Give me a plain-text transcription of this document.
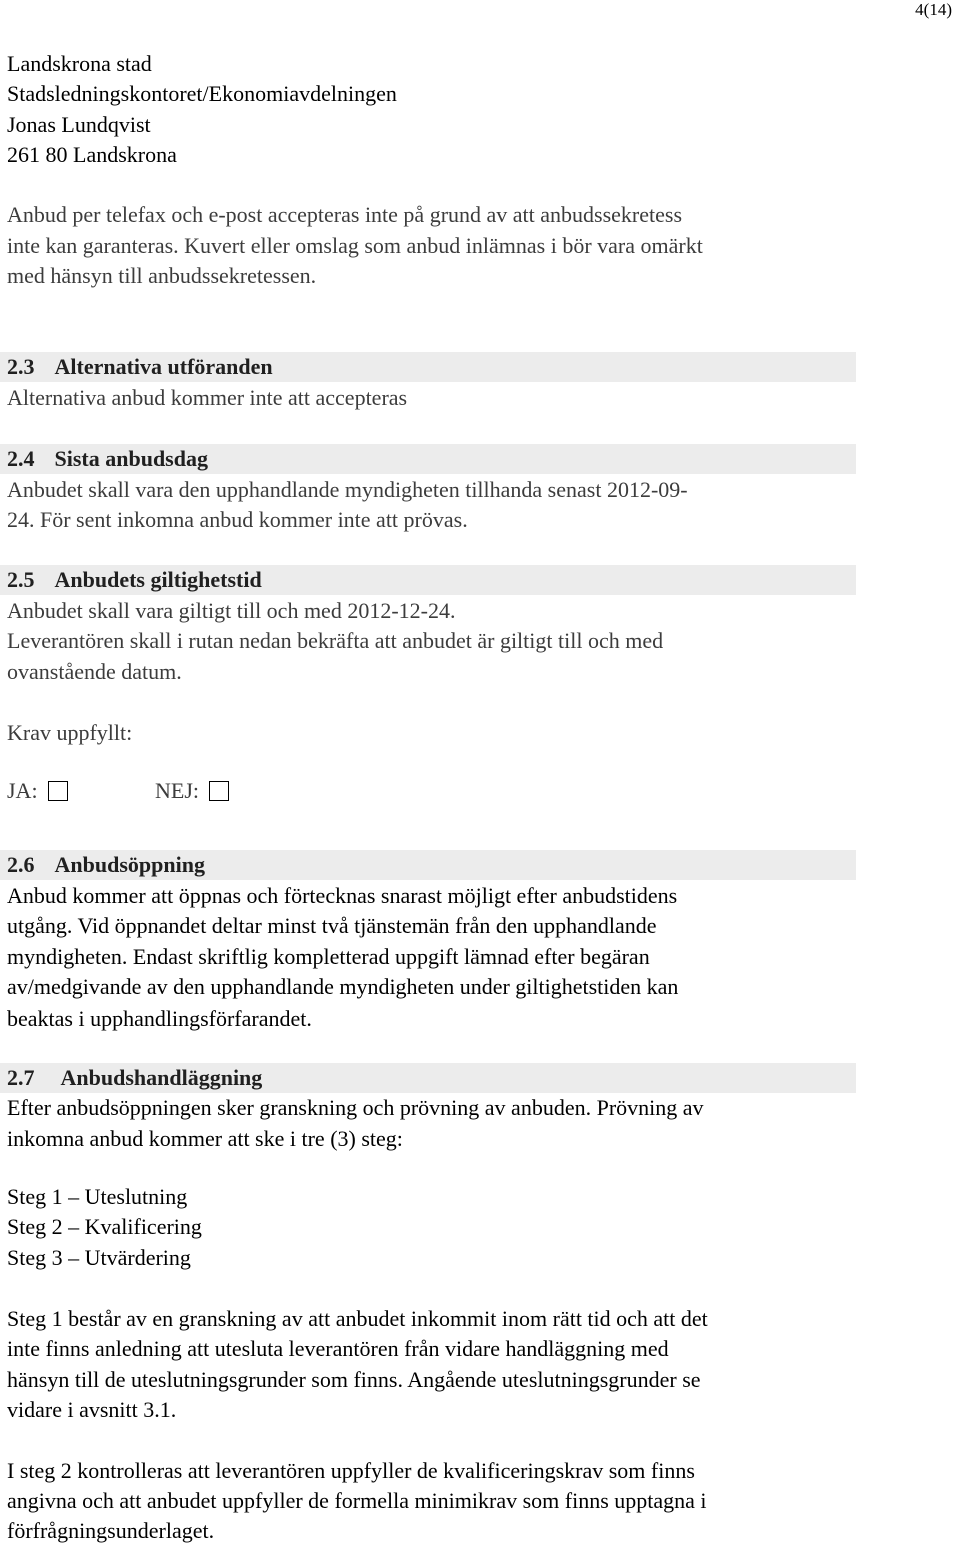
4(14)
Landskrona stad
Stadsledningskontoret/Ekonomiavdelningen
Jonas Lundqvist
261 80 Landskrona
Anbud per telefax och e-post accepteras inte på grund av att anbudssekretess
inte kan garanteras. Kuvert eller omslag som anbud inlämnas i bör vara omärkt
med hänsyn till anbudssekretessen.
2.3 Alternativa utföranden
Alternativa anbud kommer inte att accepteras
2.4 Sista anbudsdag
Anbudet skall vara den upphandlande myndigheten tillhanda senast 2012-09-
24. För sent inkomna anbud kommer inte att prövas.
2.5 Anbudets giltighetstid
Anbudet skall vara giltigt till och med 2012-12-24.
Leverantören skall i rutan nedan bekräfta att anbudet är giltigt till och med
ovanstående datum.
Krav uppfyllt:
JA:	NEJ:
2.6 Anbudsöppning
Anbud kommer att öppnas och förtecknas snarast möjligt efter anbudstidens
utgång. Vid öppnandet deltar minst två tjänstemän från den upphandlande
myndigheten. Endast skriftlig kompletterad uppgift lämnad efter begäran
av/medgivande av den upphandlande myndigheten under giltighetstiden kan
beaktas i upphandlingsförfarandet.
2.7 Anbudshandläggning
Efter anbudsöppningen sker granskning och prövning av anbuden. Prövning av
inkomna anbud kommer att ske i tre (3) steg:
Steg 1 – Uteslutning
Steg 2 – Kvalificering
Steg 3 – Utvärdering
Steg 1 består av en granskning av att anbudet inkommit inom rätt tid och att det
inte finns anledning att utesluta leverantören från vidare handläggning med
hänsyn till de uteslutningsgrunder som finns. Angående uteslutningsgrunder se
vidare i avsnitt 3.1.
I steg 2 kontrolleras att leverantören uppfyller de kvalificeringskrav som finns
angivna och att anbudet uppfyller de formella minimikrav som finns upptagna i
förfrågningsunderlaget.
